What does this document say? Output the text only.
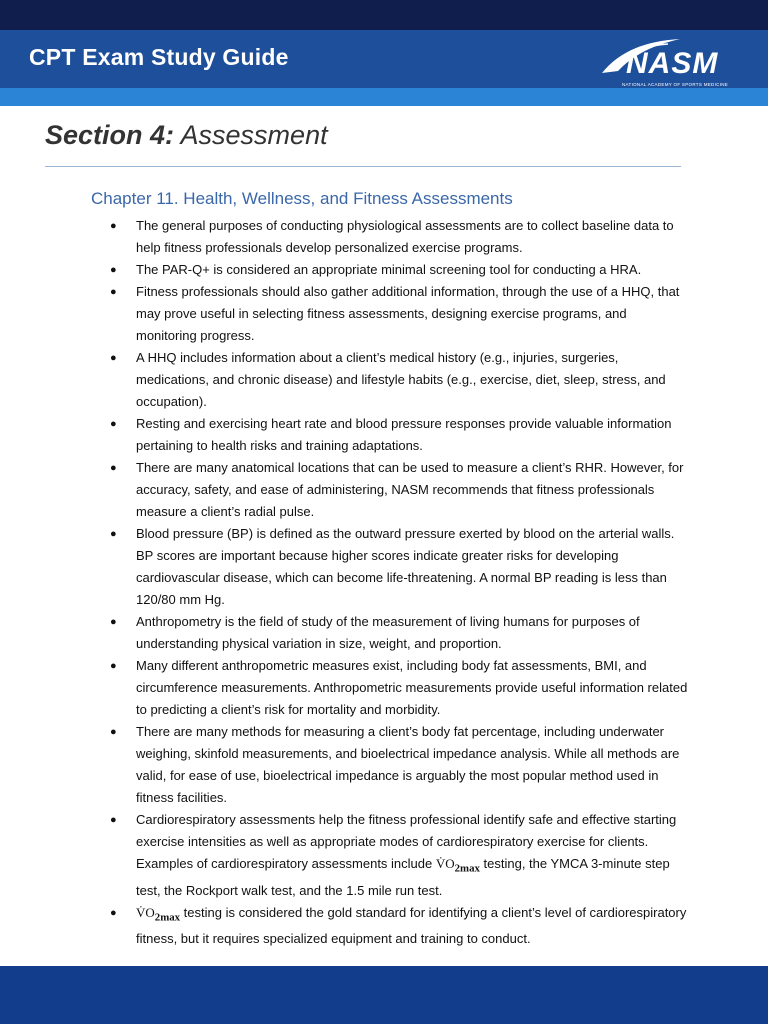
CPT Exam Study Guide	NASM
NATIONAL ACADEMY OF SPORTS MEDICINE
Section 4: Assessment
Chapter 11. Health, Wellness, and Fitness Assessments
● The general purposes of conducting physiological assessments are to collect baseline data to help fitness professionals develop personalized exercise programs.
● The PAR-Q+ is considered an appropriate minimal screening tool for conducting a HRA.
● Fitness professionals should also gather additional information, through the use of a HHQ, that may prove useful in selecting fitness assessments, designing exercise programs, and monitoring progress.
● A HHQ includes information about a client’s medical history (e.g., injuries, surgeries, medications, and chronic disease) and lifestyle habits (e.g., exercise, diet, sleep, stress, and occupation).
● Resting and exercising heart rate and blood pressure responses provide valuable information pertaining to health risks and training adaptations.
● There are many anatomical locations that can be used to measure a client’s RHR. However, for accuracy, safety, and ease of administering, NASM recommends that fitness professionals measure a client’s radial pulse.
● Blood pressure (BP) is defined as the outward pressure exerted by blood on the arterial walls. BP scores are important because higher scores indicate greater risks for developing cardiovascular disease, which can become life-threatening. A normal BP reading is less than 120/80 mm Hg.
● Anthropometry is the field of study of the measurement of living humans for purposes of understanding physical variation in size, weight, and proportion.
● Many different anthropometric measures exist, including body fat assessments, BMI, and circumference measurements. Anthropometric measurements provide useful information related to predicting a client’s risk for mortality and morbidity.
● There are many methods for measuring a client’s body fat percentage, including underwater weighing, skinfold measurements, and bioelectrical impedance analysis. While all methods are valid, for ease of use, bioelectrical impedance is arguably the most popular method used in fitness facilities.
● Cardiorespiratory assessments help the fitness professional identify safe and effective starting exercise intensities as well as appropriate modes of cardiorespiratory exercise for clients. Examples of cardiorespiratory assessments include $V̇O_{2max}$ testing, the YMCA 3-minute step test, the Rockport walk test, and the 1.5 mile run test.
● $V̇O_{2max}$ testing is considered the gold standard for identifying a client’s level of cardiorespiratory fitness, but it requires specialized equipment and training to conduct.
